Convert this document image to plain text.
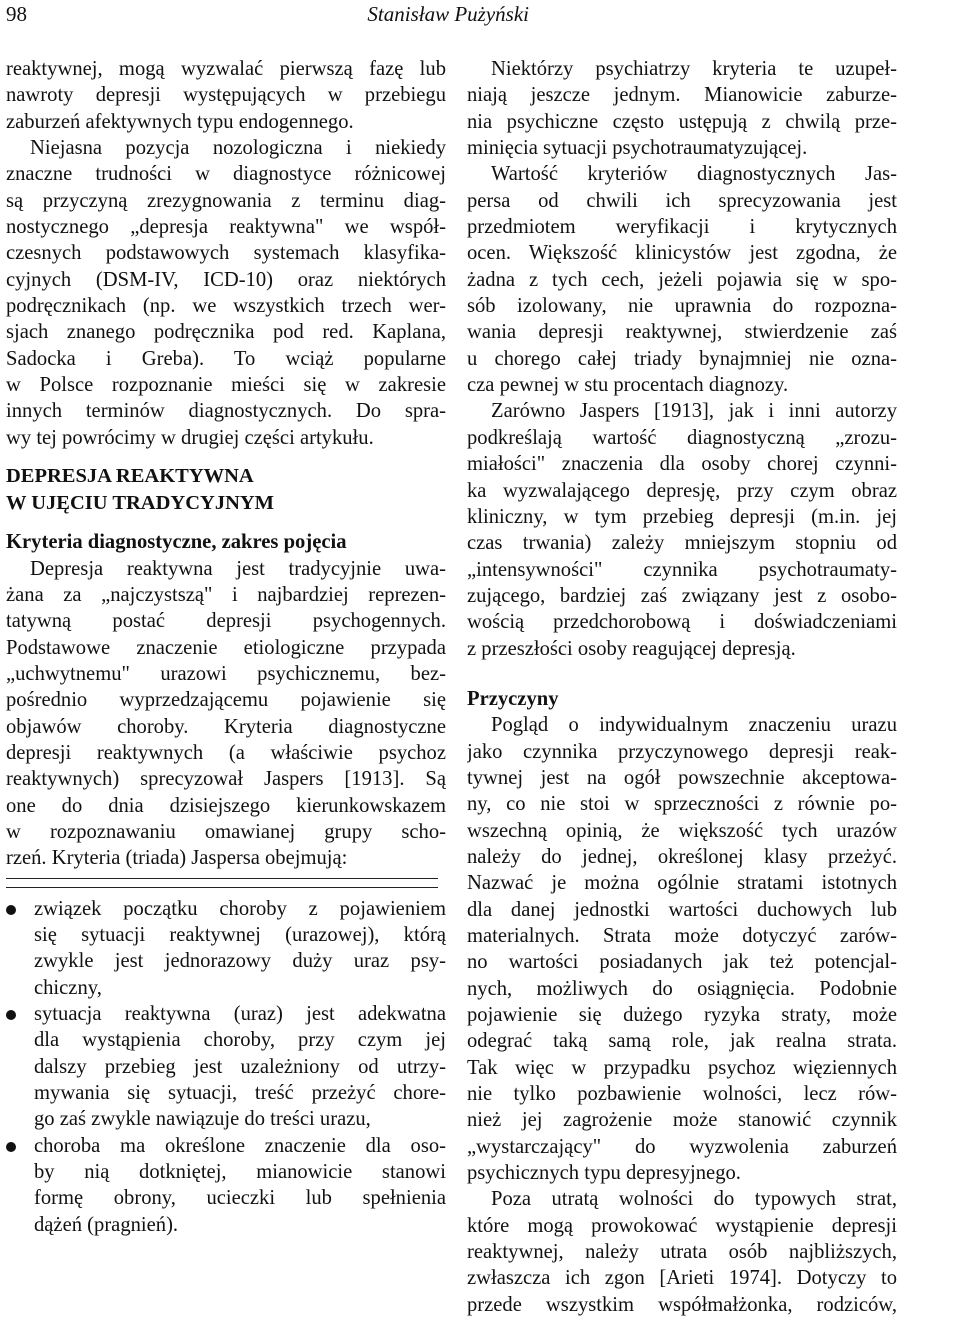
98	Stanisław Pużyński
reaktywnej, mogą wyzwalać pierwszą fazę lub
nawroty depresji występujących w przebiegu
zaburzeń afektywnych typu endogennego.
Niejasna pozycja nozologiczna i niekiedy
znaczne trudności w diagnostyce różnicowej
są przyczyną zrezygnowania z terminu diag-
nostycznego „depresja reaktywna" we współ-
czesnych podstawowych systemach klasyfika-
cyjnych (DSM-IV, ICD-10) oraz niektórych
podręcznikach (np. we wszystkich trzech wer-
sjach znanego podręcznika pod red. Kaplana,
Sadocka i Greba). To wciąż popularne
w Polsce rozpoznanie mieści się w zakresie
innych terminów diagnostycznych. Do spra-
wy tej powrócimy w drugiej części artykułu.
DEPRESJA REAKTYWNA
W UJĘCIU TRADYCYJNYM
Kryteria diagnostyczne, zakres pojęcia
Depresja reaktywna jest tradycyjnie uwa-
żana za „najczystszą" i najbardziej reprezen-
tatywną postać depresji psychogennych.
Podstawowe znaczenie etiologiczne przypada
„uchwytnemu" urazowi psychicznemu, bez-
pośrednio wyprzedzającemu pojawienie się
objawów choroby. Kryteria diagnostyczne
depresji reaktywnych (a właściwie psychoz
reaktywnych) sprecyzował Jaspers [1913]. Są
one do dnia dzisiejszego kierunkowskazem
w rozpoznawaniu omawianej grupy scho-
rzeń. Kryteria (triada) Jaspersa obejmują:
związek początku choroby z pojawieniem
się sytuacji reaktywnej (urazowej), którą
zwykle jest jednorazowy duży uraz psy-
chiczny,
sytuacja reaktywna (uraz) jest adekwatna
dla wystąpienia choroby, przy czym jej
dalszy przebieg jest uzależniony od utrzy-
mywania się sytuacji, treść przeżyć chore-
go zaś zwykle nawiązuje do treści urazu,
choroba ma określone znaczenie dla oso-
by nią dotkniętej, mianowicie stanowi
formę obrony, ucieczki lub spełnienia
dążeń (pragnień).
Niektórzy psychiatrzy kryteria te uzupeł-
niają jeszcze jednym. Mianowicie zaburze-
nia psychiczne często ustępują z chwilą prze-
minięcia sytuacji psychotraumatyzującej.
Wartość kryteriów diagnostycznych Jas-
persa od chwili ich sprecyzowania jest
przedmiotem weryfikacji i krytycznych
ocen. Większość klinicystów jest zgodna, że
żadna z tych cech, jeżeli pojawia się w spo-
sób izolowany, nie uprawnia do rozpozna-
wania depresji reaktywnej, stwierdzenie zaś
u chorego całej triady bynajmniej nie ozna-
cza pewnej w stu procentach diagnozy.
Zarówno Jaspers [1913], jak i inni autorzy
podkreślają wartość diagnostyczną „zrozu-
miałości" znaczenia dla osoby chorej czynni-
ka wyzwalającego depresję, przy czym obraz
kliniczny, w tym przebieg depresji (m.in. jej
czas trwania) zależy mniejszym stopniu od
„intensywności" czynnika psychotraumaty-
zującego, bardziej zaś związany jest z osobo-
wością przedchorobową i doświadczeniami
z przeszłości osoby reagującej depresją.
Przyczyny
Pogląd o indywidualnym znaczeniu urazu
jako czynnika przyczynowego depresji reak-
tywnej jest na ogół powszechnie akceptowa-
ny, co nie stoi w sprzeczności z równie po-
wszechną opinią, że większość tych urazów
należy do jednej, określonej klasy przeżyć.
Nazwać je można ogólnie stratami istotnych
dla danej jednostki wartości duchowych lub
materialnych. Strata może dotyczyć zarów-
no wartości posiadanych jak też potencjal-
nych, możliwych do osiągnięcia. Podobnie
pojawienie się dużego ryzyka straty, może
odegrać taką samą role, jak realna strata.
Tak więc w przypadku psychoz więziennych
nie tylko pozbawienie wolności, lecz rów-
nież jej zagrożenie może stanowić czynnik
„wystarczający" do wyzwolenia zaburzeń
psychicznych typu depresyjnego.
Poza utratą wolności do typowych strat,
które mogą prowokować wystąpienie depresji
reaktywnej, należy utrata osób najbliższych,
zwłaszcza ich zgon [Arieti 1974]. Dotyczy to
przede wszystkim współmałżonka, rodziców,
